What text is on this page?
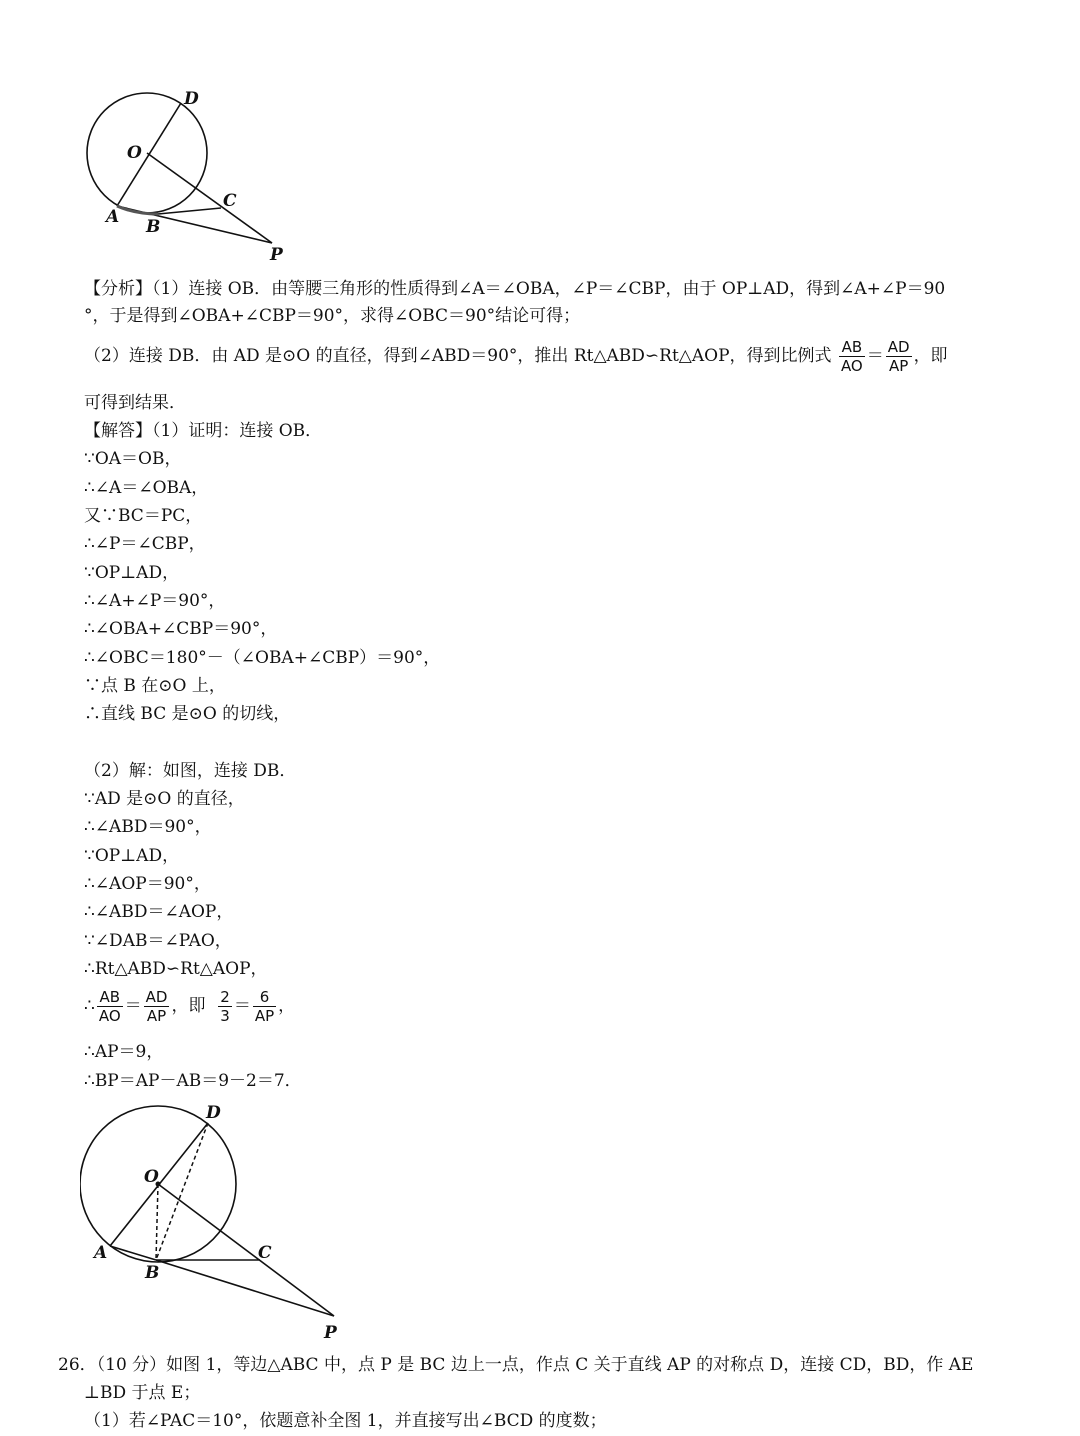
D
O
C
A B
P
【分析】（1）连接 OB．由等腰三角形的性质得到∠A＝∠OBA，∠P＝∠CBP，由于 OP⊥AD，得到∠A+∠P＝90
°，于是得到∠OBA+∠CBP＝90°，求得∠OBC＝90°结论可得；
（2）连接 DB．由 AD 是⊙O 的直径，得到∠ABD＝90°，推出 Rt△ABD∽Rt△AOP，得到比例式 $\frac{AB}{AO} = \frac{AD}{AP}$ ，即
可得到结果．
【解答】（1）证明：连接 OB．
∵OA＝OB，
∴∠A＝∠OBA，
又∵BC＝PC，
∴∠P＝∠CBP，
∵OP⊥AD，
∴∠A+∠P＝90°，
∴∠OBA+∠CBP＝90°，
∴∠OBC＝180°－（∠OBA+∠CBP）＝90°，
∵点 B 在⊙O 上，
∴直线 BC 是⊙O 的切线，
（2）解：如图，连接 DB．
∵AD 是⊙O 的直径，
∴∠ABD＝90°，
∵OP⊥AD，
∴∠AOP＝90°，
∴∠ABD＝∠AOP，
∵∠DAB＝∠PAO，
∴Rt△ABD∽Rt△AOP，
∴ $\frac{AB}{AO} = \frac{AD}{AP}$ ，即 $\frac{2}{3} = \frac{6}{AP}$ ，
∴AP＝9，
∴BP＝AP－AB＝9－2＝7．
D
O
C
A
B
P
26．（10 分）如图 1，等边△ABC 中，点 P 是 BC 边上一点，作点 C 关于直线 AP 的对称点 D，连接 CD，BD，作 AE
⊥BD 于点 E；
（1）若∠PAC＝10°，依题意补全图 1，并直接写出∠BCD 的度数；
